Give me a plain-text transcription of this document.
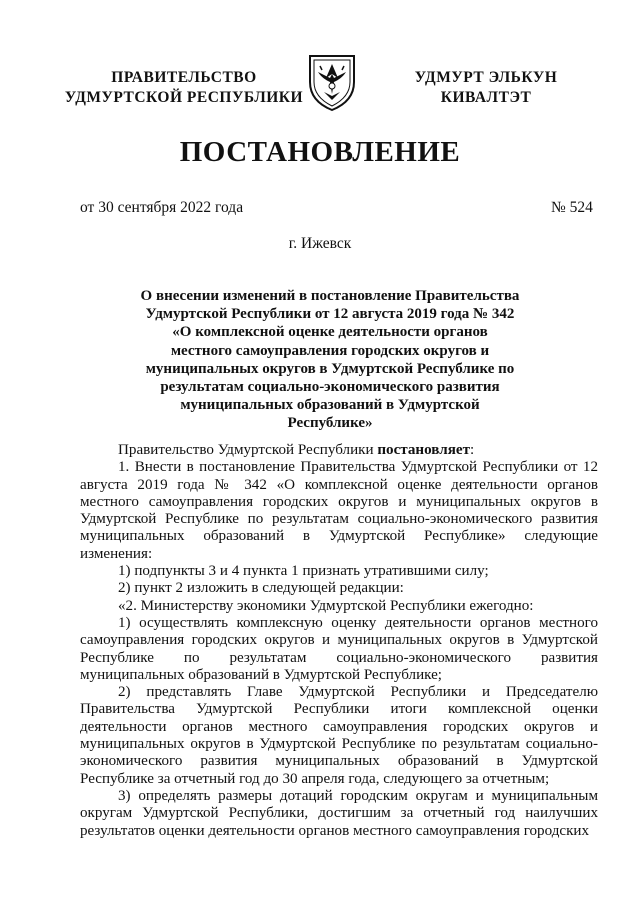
ПРАВИТЕЛЬСТВО
УДМУРТСКОЙ РЕСПУБЛИКИ
УДМУРТ ЭЛЬКУН
КИВАЛТЭТ
ПОСТАНОВЛЕНИЕ
от 30 сентября 2022 года	№ 524
г. Ижевск
О внесении изменений в постановление Правительства Удмуртской Республики от 12 августа 2019 года № 342 «О комплексной оценке деятельности органов местного самоуправления городских округов и муниципальных округов в Удмуртской Республике по результатам социально-экономического развития муниципальных образований в Удмуртской Республике»

Правительство Удмуртской Республики постановляет:

1. Внести в постановление Правительства Удмуртской Республики от 12 августа 2019 года № 342 «О комплексной оценке деятельности органов местного самоуправления городских округов и муниципальных округов в Удмуртской Республике по результатам социально-экономического развития муниципальных образований в Удмуртской Республике» следующие изменения:

1) подпункты 3 и 4 пункта 1 признать утратившими силу;

2) пункт 2 изложить в следующей редакции:

«2. Министерству экономики Удмуртской Республики ежегодно:

1) осуществлять комплексную оценку деятельности органов местного самоуправления городских округов и муниципальных округов в Удмуртской Республике по результатам социально-экономического развития муниципальных образований в Удмуртской Республике;

2) представлять Главе Удмуртской Республики и Председателю Правительства Удмуртской Республики итоги комплексной оценки деятельности органов местного самоуправления городских округов и муниципальных округов в Удмуртской Республике по результатам социально-экономического развития муниципальных образований в Удмуртской Республике за отчетный год до 30 апреля года, следующего за отчетным;

3) определять размеры дотаций городским округам и муниципальным округам Удмуртской Республики, достигшим за отчетный год наилучших результатов оценки деятельности органов местного самоуправления городских
